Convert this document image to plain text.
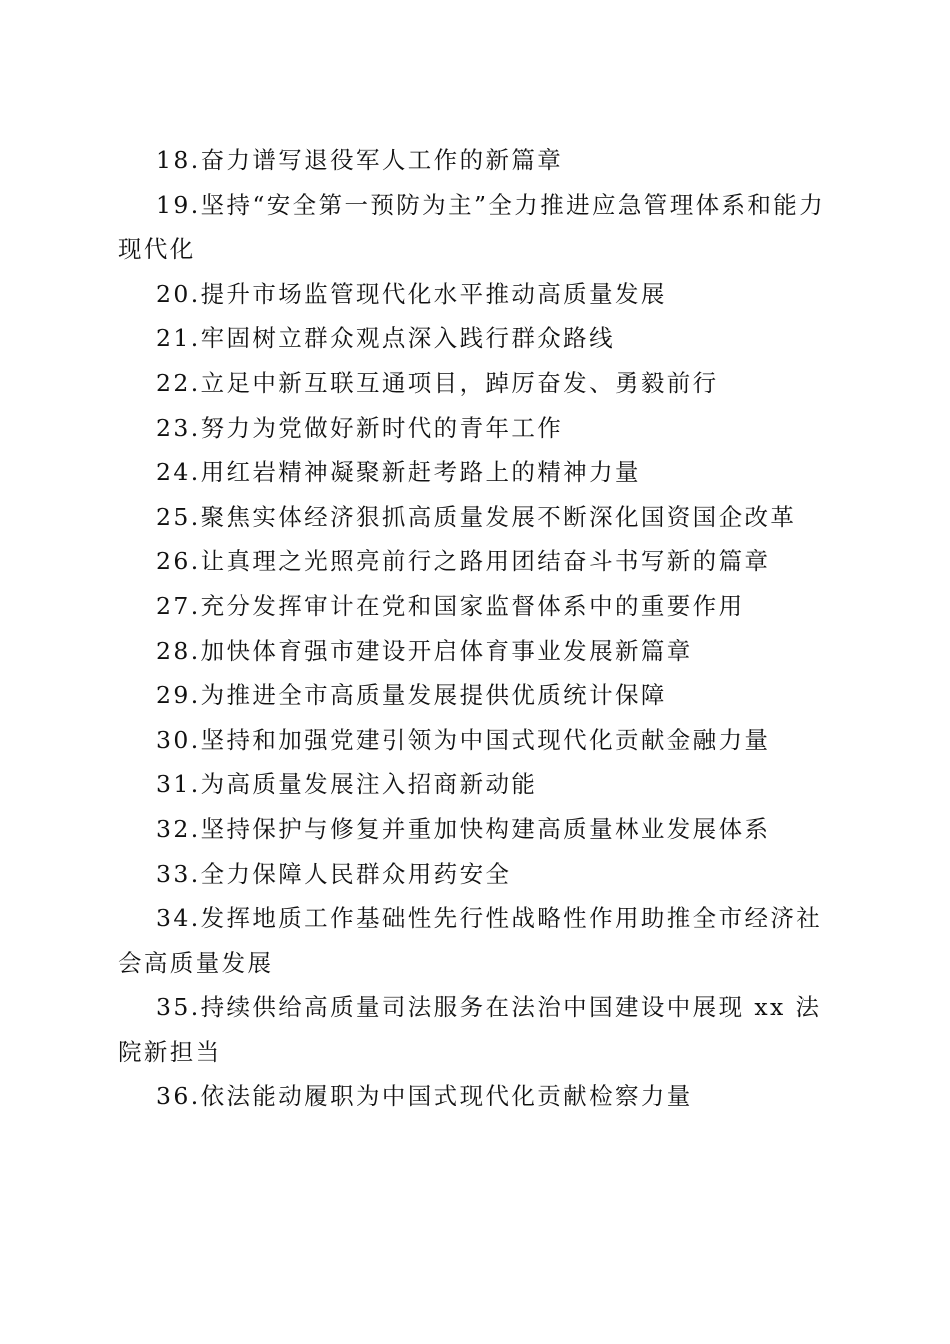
18.奋力谱写退役军人工作的新篇章
19.坚持“安全第一预防为主”全力推进应急管理体系和能力现代化
20.提升市场监管现代化水平推动高质量发展
21.牢固树立群众观点深入践行群众路线
22.立足中新互联互通项目，踔厉奋发、勇毅前行
23.努力为党做好新时代的青年工作
24.用红岩精神凝聚新赶考路上的精神力量
25.聚焦实体经济狠抓高质量发展不断深化国资国企改革
26.让真理之光照亮前行之路用团结奋斗书写新的篇章
27.充分发挥审计在党和国家监督体系中的重要作用
28.加快体育强市建设开启体育事业发展新篇章
29.为推进全市高质量发展提供优质统计保障
30.坚持和加强党建引领为中国式现代化贡献金融力量
31.为高质量发展注入招商新动能
32.坚持保护与修复并重加快构建高质量林业发展体系
33.全力保障人民群众用药安全
34.发挥地质工作基础性先行性战略性作用助推全市经济社会高质量发展
35.持续供给高质量司法服务在法治中国建设中展现 xx 法院新担当
36.依法能动履职为中国式现代化贡献检察力量
